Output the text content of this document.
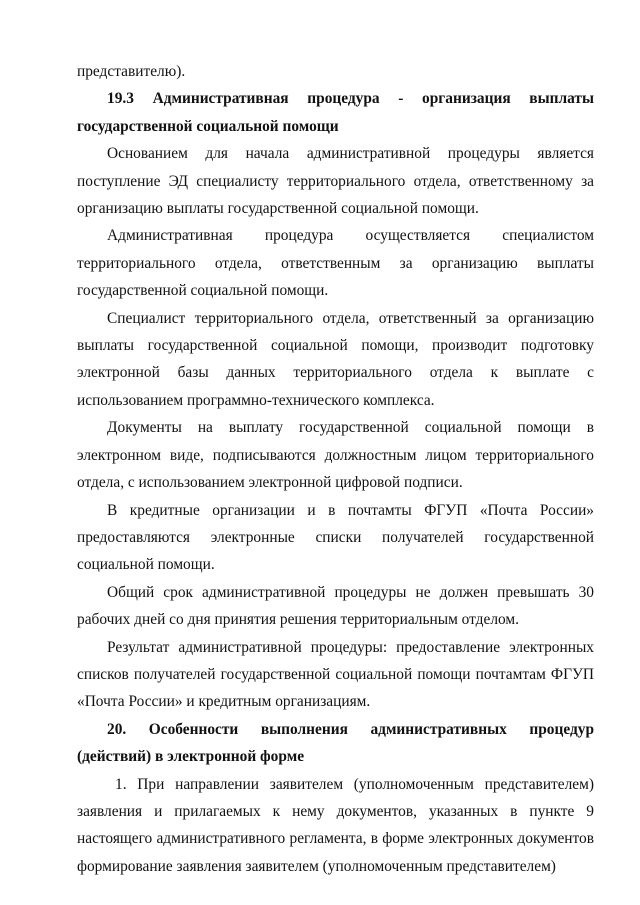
представителю).

19.3 Административная процедура - организация выплаты

государственной социальной помощи

Основанием для начала административной процедуры является поступление ЭД специалисту территориального отдела, ответственному за организацию выплаты государственной социальной помощи.

Административная процедура осуществляется специалистом территориального отдела, ответственным за организацию выплаты государственной социальной помощи.

Специалист территориального отдела, ответственный за организацию выплаты государственной социальной помощи, производит подготовку электронной базы данных территориального отдела к выплате с использованием программно-технического комплекса.

Документы на выплату государственной социальной помощи в электронном виде, подписываются должностным лицом территориального отдела, с использованием электронной цифровой подписи.

В кредитные организации и в почтамты ФГУП «Почта России» предоставляются электронные списки получателей государственной социальной помощи.

Общий срок административной процедуры не должен превышать 30 рабочих дней со дня принятия решения территориальным отделом.

Результат административной процедуры: предоставление электронных списков получателей государственной социальной помощи почтамтам ФГУП «Почта России» и кредитным организациям.

20. Особенности выполнения административных процедур (действий) в электронной форме

1. При направлении заявителем (уполномоченным представителем) заявления и прилагаемых к нему документов, указанных в пункте 9 настоящего административного регламента, в форме электронных документов формирование заявления заявителем (уполномоченным представителем)
